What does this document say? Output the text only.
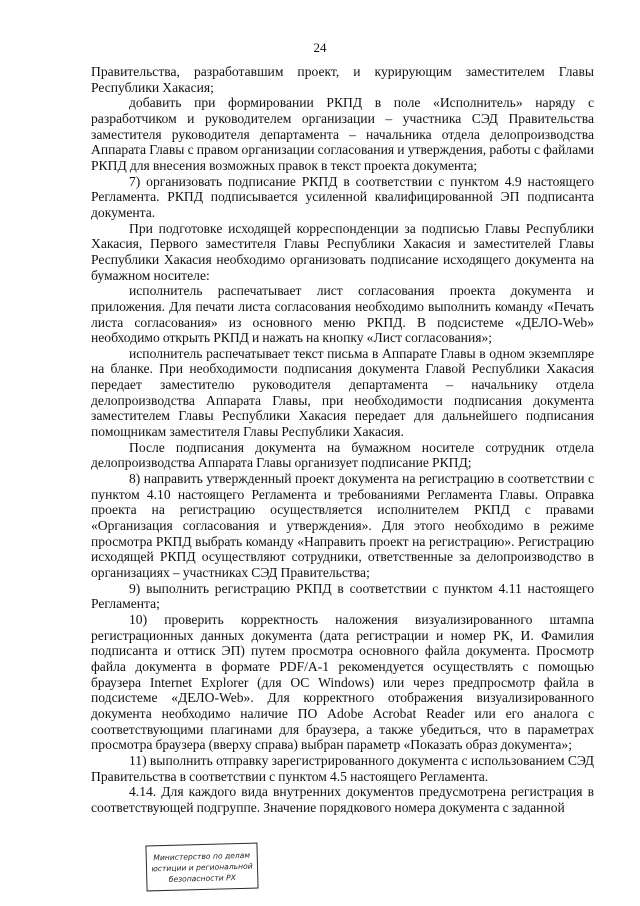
24

Правительства, разработавшим проект, и курирующим заместителем Главы Республики Хакасия;

добавить при формировании РКПД в поле «Исполнитель» наряду с разработчиком и руководителем организации – участника СЭД Правительства заместителя руководителя департамента – начальника отдела делопроизводства Аппарата Главы с правом организации согласования и утверждения, работы с файлами РКПД для внесения возможных правок в текст проекта документа;

7) организовать подписание РКПД в соответствии с пунктом 4.9 настоящего Регламента. РКПД подписывается усиленной квалифицированной ЭП подписанта документа.

При подготовке исходящей корреспонденции за подписью Главы Республики Хакасия, Первого заместителя Главы Республики Хакасия и заместителей Главы Республики Хакасия необходимо организовать подписание исходящего документа на бумажном носителе:

исполнитель распечатывает лист согласования проекта документа и приложения. Для печати листа согласования необходимо выполнить команду «Печать листа согласования» из основного меню РКПД. В подсистеме «ДЕЛО-Web» необходимо открыть РКПД и нажать на кнопку «Лист согласования»;

исполнитель распечатывает текст письма в Аппарате Главы в одном экземпляре на бланке. При необходимости подписания документа Главой Республики Хакасия передает заместителю руководителя департамента – начальнику отдела делопроизводства Аппарата Главы, при необходимости подписания документа заместителем Главы Республики Хакасия передает для дальнейшего подписания помощникам заместителя Главы Республики Хакасия.

После подписания документа на бумажном носителе сотрудник отдела делопроизводства Аппарата Главы организует подписание РКПД;

8) направить утвержденный проект документа на регистрацию в соответствии с пунктом 4.10 настоящего Регламента и требованиями Регламента Главы. Оправка проекта на регистрацию осуществляется исполнителем РКПД с правами «Организация согласования и утверждения». Для этого необходимо в режиме просмотра РКПД выбрать команду «Направить проект на регистрацию». Регистрацию исходящей РКПД осуществляют сотрудники, ответственные за делопроизводство в организациях – участниках СЭД Правительства;

9) выполнить регистрацию РКПД в соответствии с пунктом 4.11 настоящего Регламента;

10) проверить корректность наложения визуализированного штампа регистрационных данных документа (дата регистрации и номер РК, И. Фамилия подписанта и оттиск ЭП) путем просмотра основного файла документа. Просмотр файла документа в формате PDF/A-1 рекомендуется осуществлять с помощью браузера Internet Explorer (для ОС Windows) или через предпросмотр файла в подсистеме «ДЕЛО-Web». Для корректного отображения визуализированного документа необходимо наличие ПО Adobe Acrobat Reader или его аналога с соответствующими плагинами для браузера, а также убедиться, что в параметрах просмотра браузера (вверху справа) выбран параметр «Показать образ документа»;

11) выполнить отправку зарегистрированного документа с использованием СЭД Правительства в соответствии с пунктом 4.5 настоящего Регламента.

4.14. Для каждого вида внутренних документов предусмотрена регистрация в соответствующей подгруппе. Значение порядкового номера документа с заданной

Министерство по делам
юстиции и региональной
безопасности РХ
